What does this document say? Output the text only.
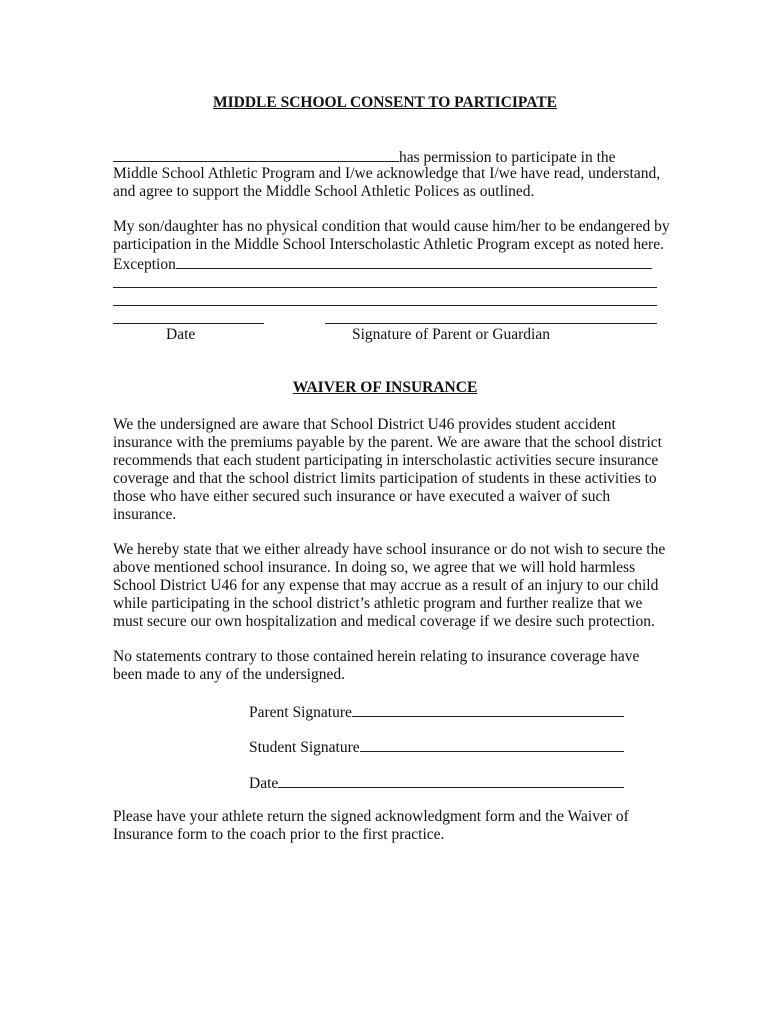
MIDDLE SCHOOL CONSENT TO PARTICIPATE
has permission to participate in the
Middle School Athletic Program and I/we acknowledge that I/we have read, understand,
and agree to support the Middle School Athletic Polices as outlined.
My son/daughter has no physical condition that would cause him/her to be endangered by
participation in the Middle School Interscholastic Athletic Program except as noted here.
Exception
Date	Signature of Parent or Guardian
WAIVER OF INSURANCE
We the undersigned are aware that School District U46 provides student accident
insurance with the premiums payable by the parent. We are aware that the school district
recommends that each student participating in interscholastic activities secure insurance
coverage and that the school district limits participation of students in these activities to
those who have either secured such insurance or have executed a waiver of such
insurance.
We hereby state that we either already have school insurance or do not wish to secure the
above mentioned school insurance. In doing so, we agree that we will hold harmless
School District U46 for any expense that may accrue as a result of an injury to our child
while participating in the school district’s athletic program and further realize that we
must secure our own hospitalization and medical coverage if we desire such protection.
No statements contrary to those contained herein relating to insurance coverage have
been made to any of the undersigned.
Parent Signature
Student Signature
Date
Please have your athlete return the signed acknowledgment form and the Waiver of
Insurance form to the coach prior to the first practice.
